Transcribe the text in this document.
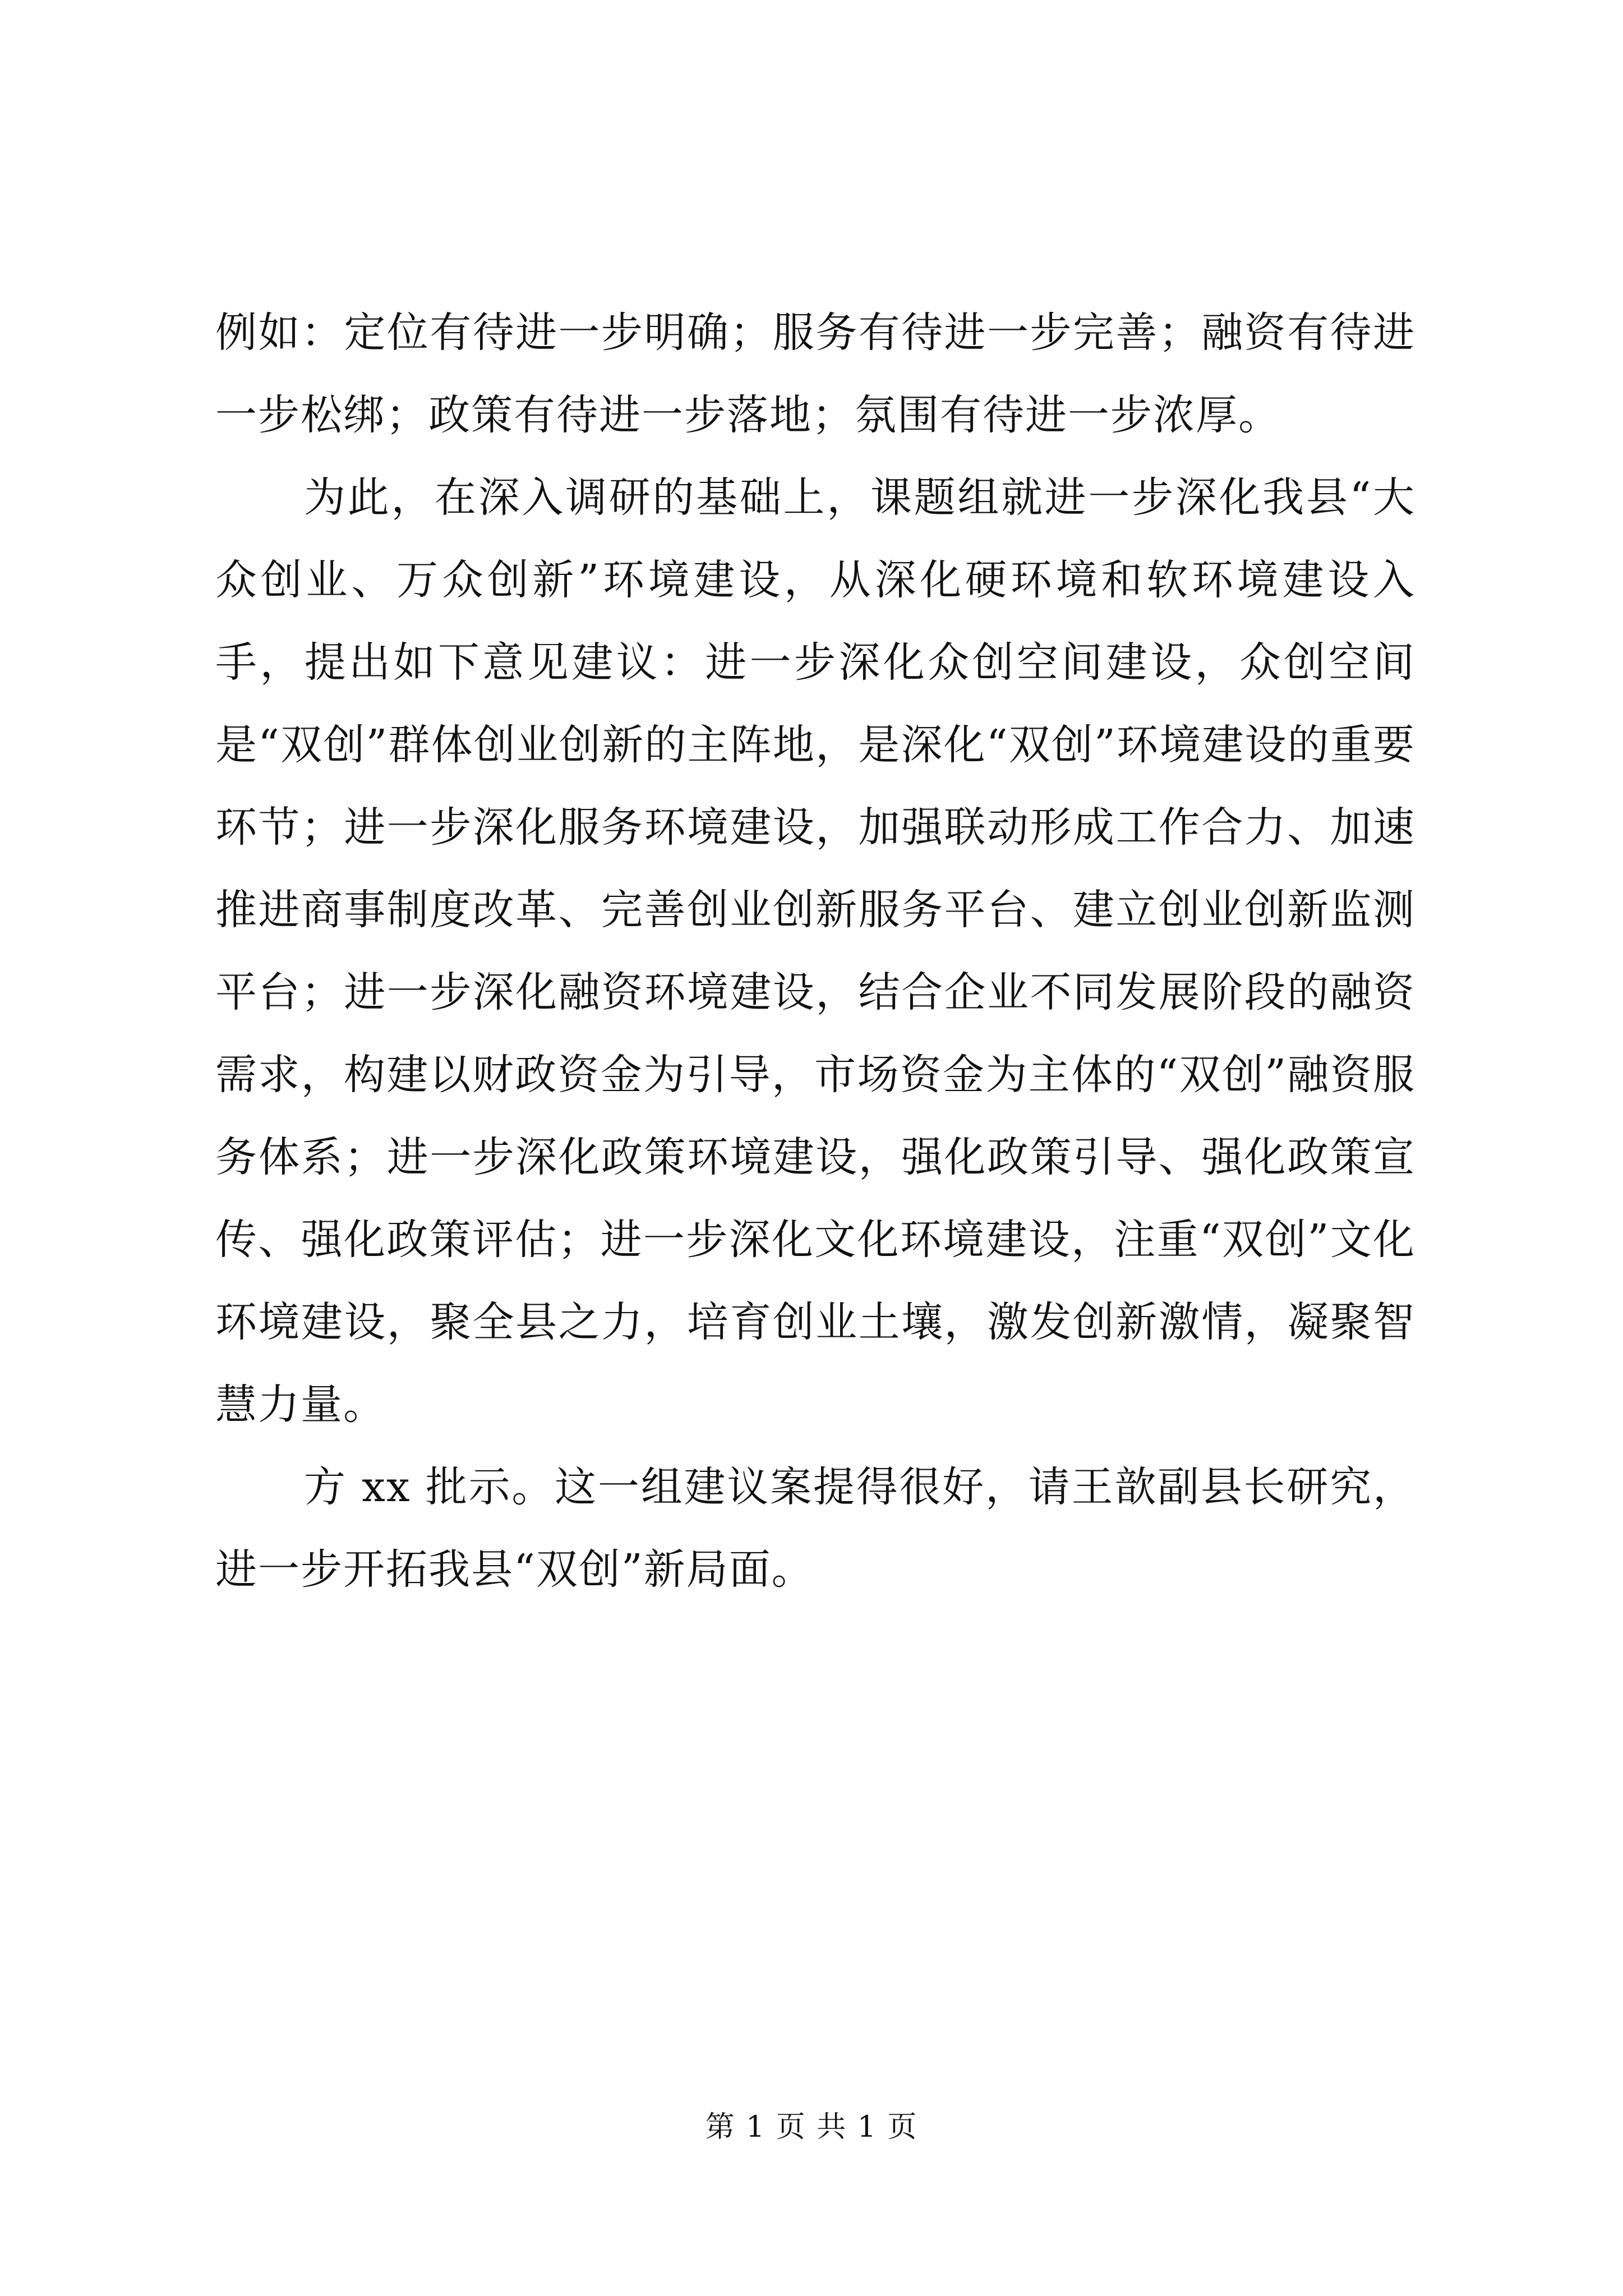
例如：定位有待进一步明确；服务有待进一步完善；融资有待进一步松绑；政策有待进一步落地；氛围有待进一步浓厚。

为此，在深入调研的基础上，课题组就进一步深化我县“大众创业、万众创新”环境建设，从深化硬环境和软环境建设入手，提出如下意见建议：进一步深化众创空间建设，众创空间是“双创”群体创业创新的主阵地，是深化“双创”环境建设的重要环节；进一步深化服务环境建设，加强联动形成工作合力、加速推进商事制度改革、完善创业创新服务平台、建立创业创新监测平台；进一步深化融资环境建设，结合企业不同发展阶段的融资需求，构建以财政资金为引导，市场资金为主体的“双创”融资服务体系；进一步深化政策环境建设，强化政策引导、强化政策宣传、强化政策评估；进一步深化文化环境建设，注重“双创”文化环境建设，聚全县之力，培育创业土壤，激发创新激情，凝聚智慧力量。

方 xx 批示。这一组建议案提得很好，请王歆副县长研究，进一步开拓我县“双创”新局面。

第 1 页 共 1 页
